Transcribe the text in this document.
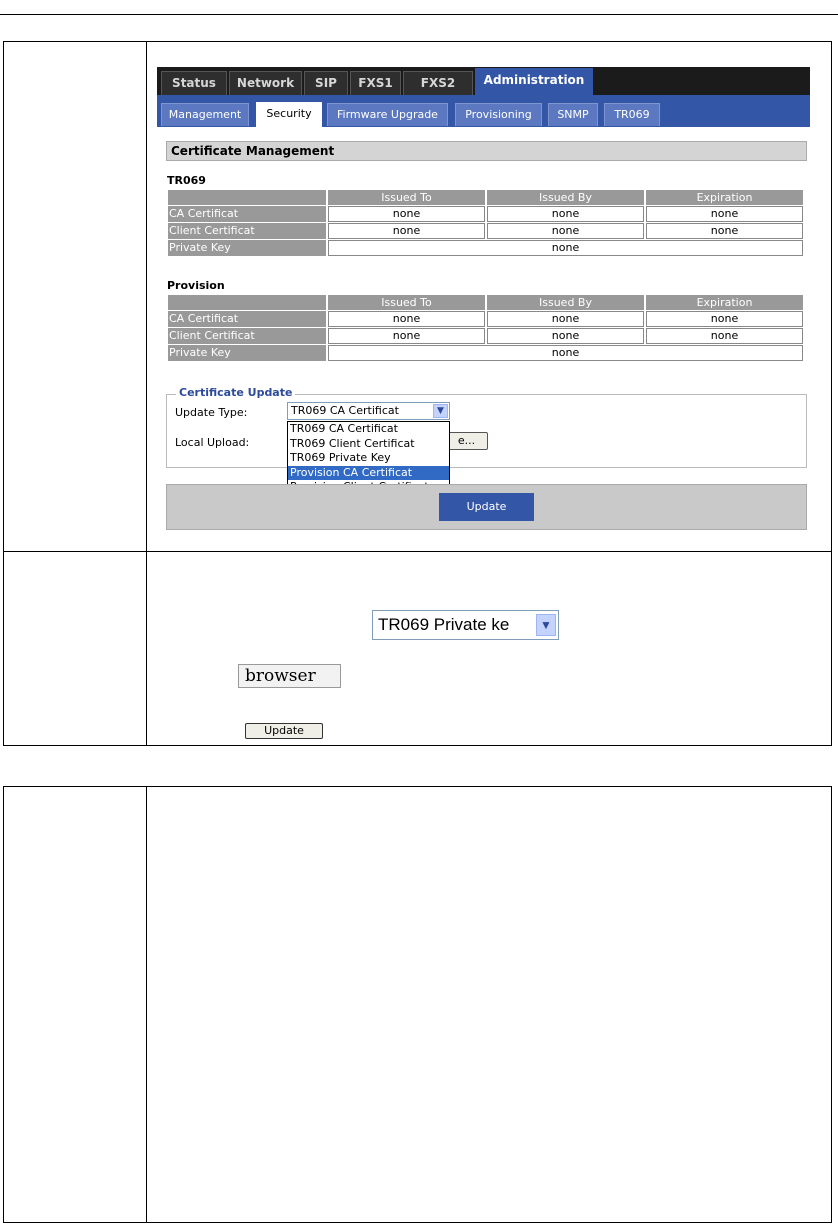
Status	Network	SIP	FXS1	FXS2	Administration
Management	Security	Firmware Upgrade	Provisioning	SNMP	TR069
Certificate Management
TR069
	Issued To	Issued By	Expiration
CA Certificat	none	none	none
Client Certificat	none	none	none
Private Key	none		
Provision
	Issued To	Issued By	Expiration
CA Certificat	none	none	none
Client Certificat	none	none	none
Private Key	none		
Certificate Update
Update Type:
Local Upload:	e...
TR069 CA Certificat	▼
TR069 CA Certificat
TR069 Client Certificat
TR069 Private Key
Provision CA Certificat
Update
TR069 Private ke	▼
browser
Update
